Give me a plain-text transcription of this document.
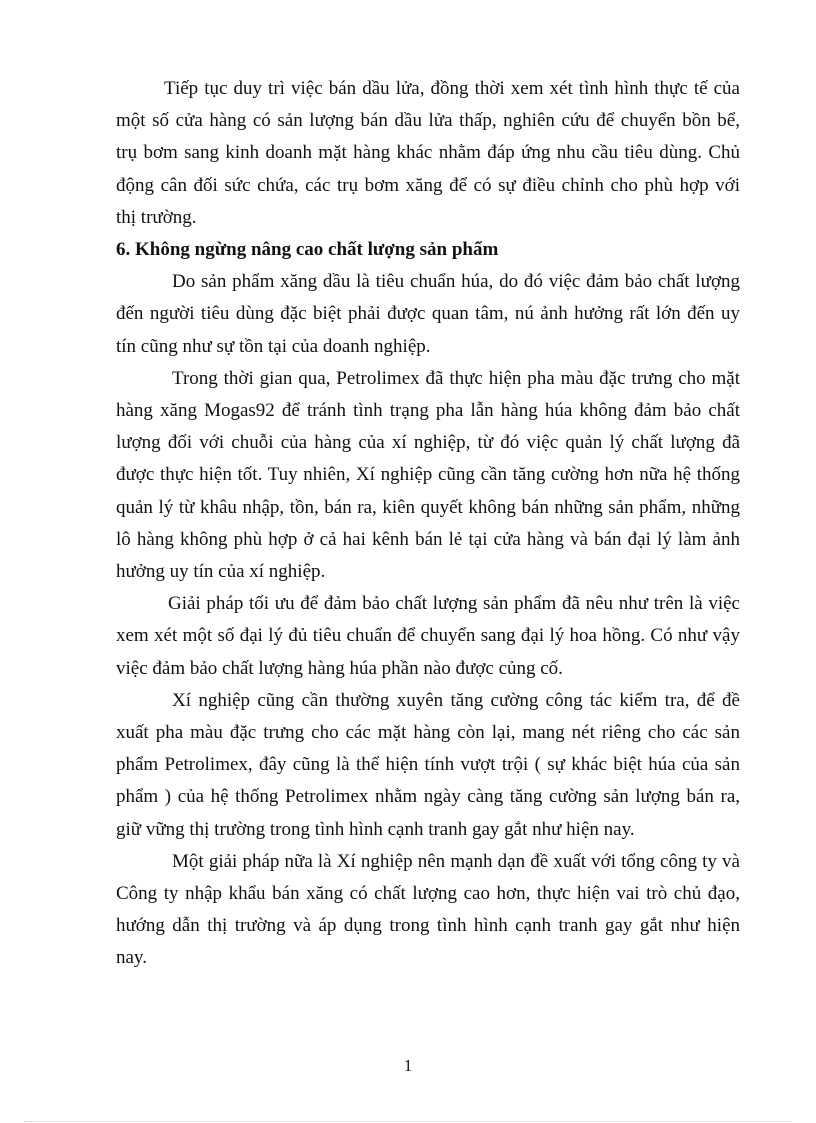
Tiếp tục duy trì việc bán dầu lửa, đồng thời xem xét tình hình thực tế của
một số cửa hàng có sản lượng bán dầu lửa thấp, nghiên cứu để chuyển bồn bể,
trụ bơm sang kinh doanh mặt hàng khác nhằm đáp ứng nhu cầu tiêu dùng. Chủ
động cân đối sức chứa, các trụ bơm xăng để có sự điều chỉnh cho phù hợp với
thị trường.

6. Không ngừng nâng cao chất lượng sản phẩm

Do sản phẩm xăng dầu là tiêu chuẩn húa, do đó việc đảm bảo chất lượng
đến người tiêu dùng đặc biệt phải được quan tâm, nú ảnh hưởng rất lớn đến uy
tín cũng như sự tồn tại của doanh nghiệp.

Trong thời gian qua, Petrolimex đã thực hiện pha màu đặc trưng cho mặt
hàng xăng Mogas92 để tránh tình trạng pha lẫn hàng húa không đảm bảo chất
lượng đối với chuỗi của hàng của xí nghiệp, từ đó việc quản lý chất lượng đã
được thực hiện tốt. Tuy nhiên, Xí nghiệp cũng cần tăng cường hơn nữa hệ thống
quản lý từ khâu nhập, tồn, bán ra, kiên quyết không bán những sản phẩm, những
lô hàng không phù hợp ở cả hai kênh bán lẻ tại cửa hàng và bán đại lý làm ảnh
hưởng uy tín của xí nghiệp.

Giải pháp tối ưu để đảm bảo chất lượng sản phẩm đã nêu như trên là việc
xem xét một số đại lý đủ tiêu chuẩn để chuyển sang đại lý hoa hồng. Có như vậy
việc đảm bảo chất lượng hàng húa phần nào được củng cố.

Xí nghiệp cũng cần thường xuyên tăng cường công tác kiểm tra, để đề
xuất pha màu đặc trưng cho các mặt hàng còn lại, mang nét riêng cho các sản
phẩm Petrolimex, đây cũng là thể hiện tính vượt trội ( sự khác biệt húa của sản
phẩm ) của hệ thống Petrolimex nhằm ngày càng tăng cường sản lượng bán ra,
giữ vững thị trường trong tình hình cạnh tranh gay gắt như hiện nay.

Một giải pháp nữa là Xí nghiệp nên mạnh dạn đề xuất với tổng công ty và
Công ty nhập khẩu bán xăng có chất lượng cao hơn, thực hiện vai trò chủ đạo,
hướng dẫn thị trường và áp dụng trong tình hình cạnh tranh gay gắt như hiện
nay.

1
